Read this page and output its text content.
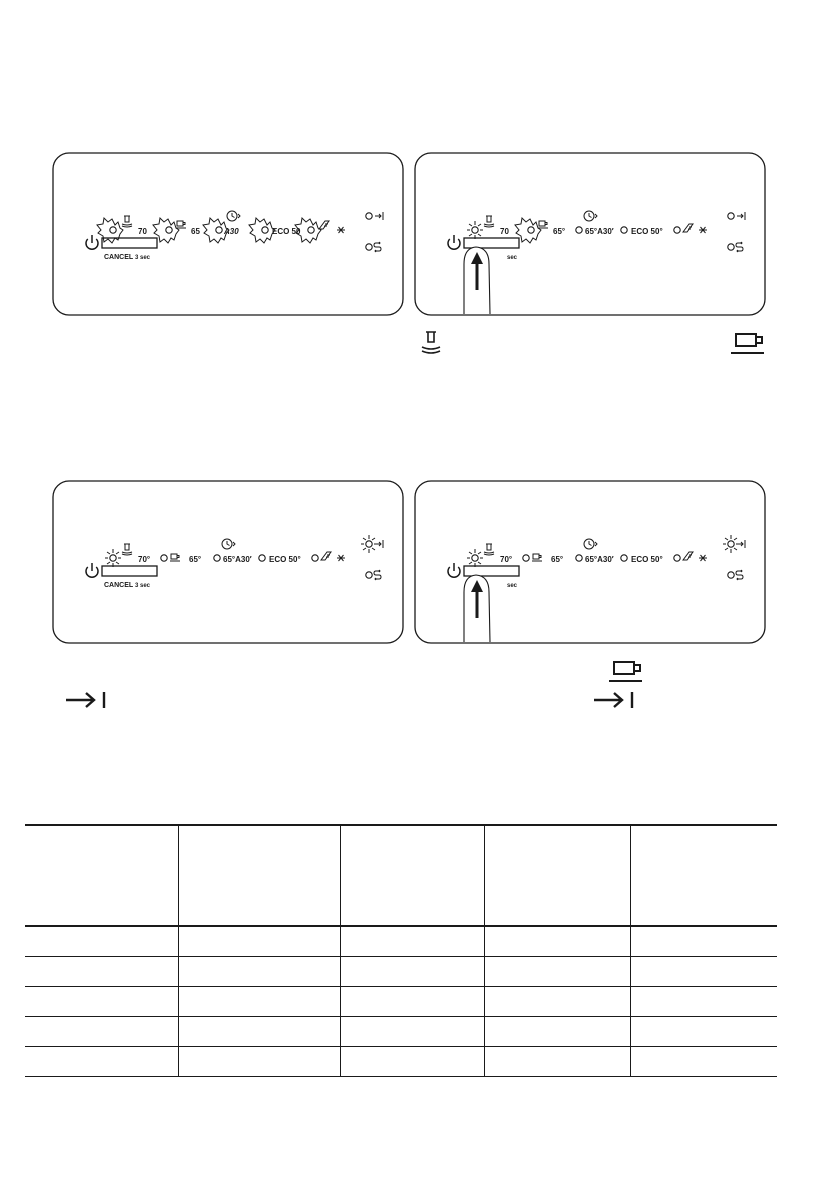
CANCEL 3 sec
70	65	A30	ECO 50
sec
70	65° 65°A30′ ECO 50°
CANCEL 3 sec
70°	65°	65°A30′ ECO 50°
sec
70°	65°	65°A30′ ECO 50°
